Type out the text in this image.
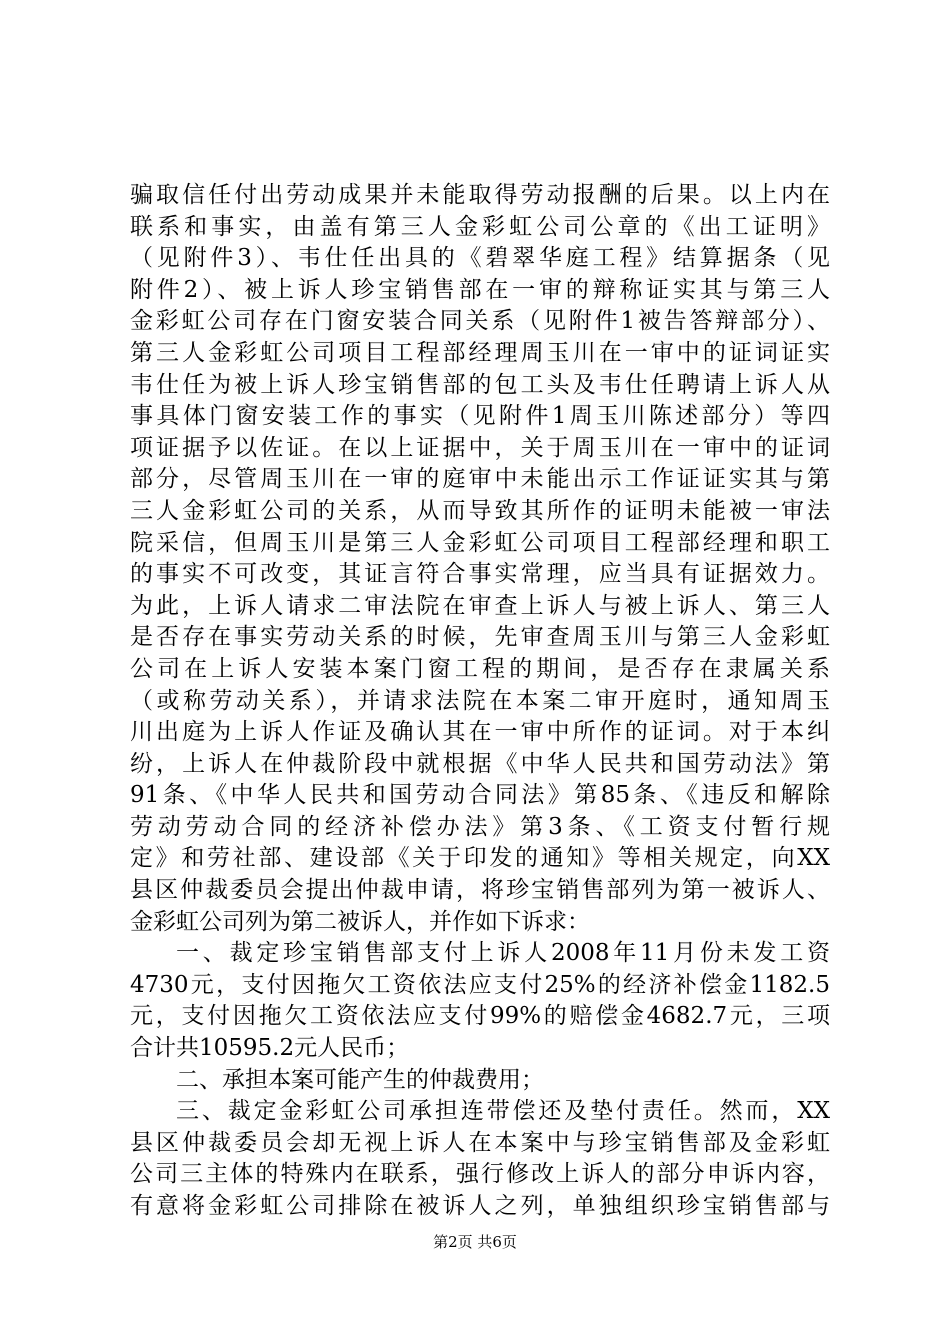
骗取信任付出劳动成果并未能取得劳动报酬的后果。以上内在
联系和事实，由盖有第三人金彩虹公司公章的《出工证明》
（见附件3）、韦仕任出具的《碧翠华庭工程》结算据条（见
附件2）、被上诉人珍宝销售部在一审的辩称证实其与第三人
金彩虹公司存在门窗安装合同关系（见附件1被告答辩部分）、
第三人金彩虹公司项目工程部经理周玉川在一审中的证词证实
韦仕任为被上诉人珍宝销售部的包工头及韦仕任聘请上诉人从
事具体门窗安装工作的事实（见附件1周玉川陈述部分）等四
项证据予以佐证。在以上证据中，关于周玉川在一审中的证词
部分，尽管周玉川在一审的庭审中未能出示工作证证实其与第
三人金彩虹公司的关系，从而导致其所作的证明未能被一审法
院采信，但周玉川是第三人金彩虹公司项目工程部经理和职工
的事实不可改变，其证言符合事实常理，应当具有证据效力。
为此，上诉人请求二审法院在审查上诉人与被上诉人、第三人
是否存在事实劳动关系的时候，先审查周玉川与第三人金彩虹
公司在上诉人安装本案门窗工程的期间，是否存在隶属关系
（或称劳动关系），并请求法院在本案二审开庭时，通知周玉
川出庭为上诉人作证及确认其在一审中所作的证词。对于本纠
纷，上诉人在仲裁阶段中就根据《中华人民共和国劳动法》第
91条、《中华人民共和国劳动合同法》第85条、《违反和解除
劳动劳动合同的经济补偿办法》第3条、《工资支付暂行规
定》和劳社部、建设部《关于印发的通知》等相关规定，向XX
县区仲裁委员会提出仲裁申请，将珍宝销售部列为第一被诉人、
金彩虹公司列为第二被诉人，并作如下诉求：
一、裁定珍宝销售部支付上诉人2008年11月份未发工资
4730元，支付因拖欠工资依法应支付25%的经济补偿金1182.5
元，支付因拖欠工资依法应支付99%的赔偿金4682.7元，三项
合计共10595.2元人民币；
二、承担本案可能产生的仲裁费用；
三、裁定金彩虹公司承担连带偿还及垫付责任。然而，XX
县区仲裁委员会却无视上诉人在本案中与珍宝销售部及金彩虹
公司三主体的特殊内在联系，强行修改上诉人的部分申诉内容，
有意将金彩虹公司排除在被诉人之列，单独组织珍宝销售部与
第2页 共6页
